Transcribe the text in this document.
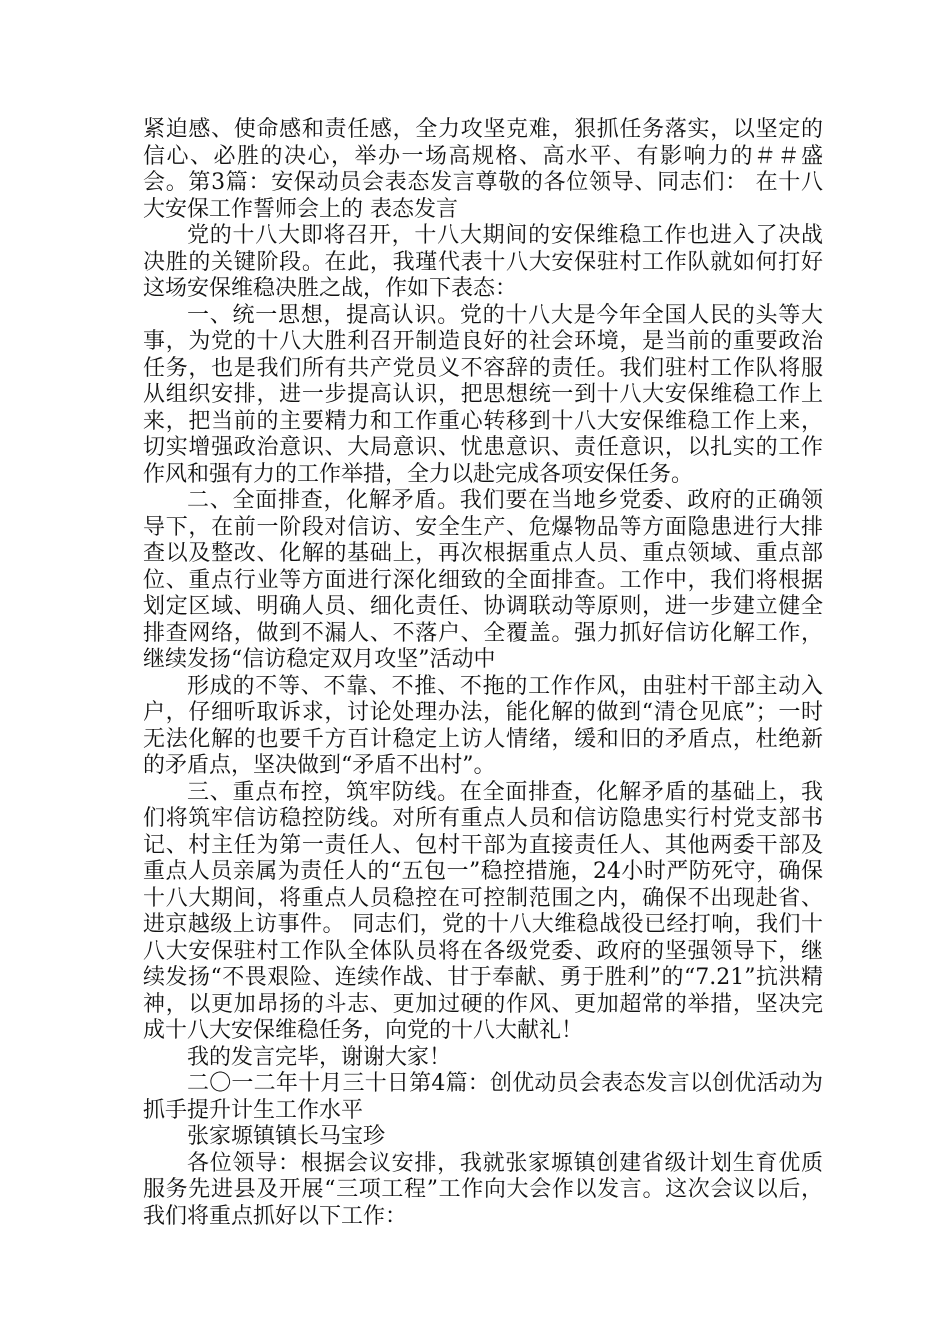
紧迫感、使命感和责任感，全力攻坚克难，狠抓任务落实，以坚定的信心、必胜的决心，举办一场高规格、高水平、有影响力的＃＃盛会。第3篇：安保动员会表态发言尊敬的各位领导、同志们： 在十八大安保工作誓师会上的 表态发言

党的十八大即将召开，十八大期间的安保维稳工作也进入了决战决胜的关键阶段。在此，我瑾代表十八大安保驻村工作队就如何打好这场安保维稳决胜之战，作如下表态：

一、统一思想，提高认识。党的十八大是今年全国人民的头等大事，为党的十八大胜利召开制造良好的社会环境，是当前的重要政治任务，也是我们所有共产党员义不容辞的责任。我们驻村工作队将服从组织安排，进一步提高认识，把思想统一到十八大安保维稳工作上来，把当前的主要精力和工作重心转移到十八大安保维稳工作上来，切实增强政治意识、大局意识、忧患意识、责任意识，以扎实的工作作风和强有力的工作举措，全力以赴完成各项安保任务。

二、全面排查，化解矛盾。我们要在当地乡党委、政府的正确领导下，在前一阶段对信访、安全生产、危爆物品等方面隐患进行大排查以及整改、化解的基础上，再次根据重点人员、重点领域、重点部位、重点行业等方面进行深化细致的全面排查。工作中，我们将根据划定区域、明确人员、细化责任、协调联动等原则，进一步建立健全排查网络，做到不漏人、不落户、全覆盖。强力抓好信访化解工作，继续发扬“信访稳定双月攻坚”活动中

形成的不等、不靠、不推、不拖的工作作风，由驻村干部主动入户，仔细听取诉求，讨论处理办法，能化解的做到“清仓见底”；一时无法化解的也要千方百计稳定上访人情绪，缓和旧的矛盾点，杜绝新的矛盾点，坚决做到“矛盾不出村”。

三、重点布控，筑牢防线。在全面排查，化解矛盾的基础上，我们将筑牢信访稳控防线。对所有重点人员和信访隐患实行村党支部书记、村主任为第一责任人、包村干部为直接责任人、其他两委干部及重点人员亲属为责任人的“五包一”稳控措施，24小时严防死守，确保十八大期间，将重点人员稳控在可控制范围之内，确保不出现赴省、进京越级上访事件。 同志们，党的十八大维稳战役已经打响，我们十八大安保驻村工作队全体队员将在各级党委、政府的坚强领导下，继续发扬“不畏艰险、连续作战、甘于奉献、勇于胜利”的“7.21”抗洪精神，以更加昂扬的斗志、更加过硬的作风、更加超常的举措，坚决完成十八大安保维稳任务，向党的十八大献礼！

我的发言完毕，谢谢大家！

二〇一二年十月三十日第4篇：创优动员会表态发言以创优活动为抓手提升计生工作水平

张家塬镇镇长马宝珍

各位领导：根据会议安排，我就张家塬镇创建省级计划生育优质服务先进县及开展“三项工程”工作向大会作以发言。这次会议以后，我们将重点抓好以下工作：
